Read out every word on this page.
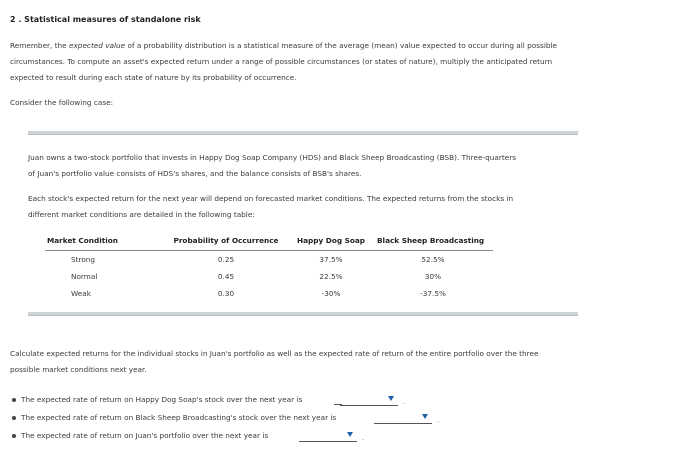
2 . Statistical measures of standalone risk
Remember, the expected value of a probability distribution is a statistical measure of the average (mean) value expected to occur during all possible
circumstances. To compute an asset's expected return under a range of possible circumstances (or states of nature), multiply the anticipated return
expected to result during each state of nature by its probability of occurrence.
Consider the following case:
Juan owns a two-stock portfolio that invests in Happy Dog Soap Company (HDS) and Black Sheep Broadcasting (BSB). Three-quarters
of Juan's portfolio value consists of HDS's shares, and the balance consists of BSB's shares.
Each stock's expected return for the next year will depend on forecasted market conditions. The expected returns from the stocks in
different market conditions are detailed in the following table:
Market Condition	Probability of Occurrence	Happy Dog Soap	Black Sheep Broadcasting
Strong	0.25	37.5%	52.5%
Normal	0.45	22.5%	30%
Weak	0.30	-30%	-37.5%
Calculate expected returns for the individual stocks in Juan's portfolio as well as the expected rate of return of the entire portfolio over the three
possible market conditions next year.
The expected rate of return on Happy Dog Soap's stock over the next year is	.
The expected rate of return on Black Sheep Broadcasting's stock over the next year is	.
The expected rate of return on Juan's portfolio over the next year is	.
